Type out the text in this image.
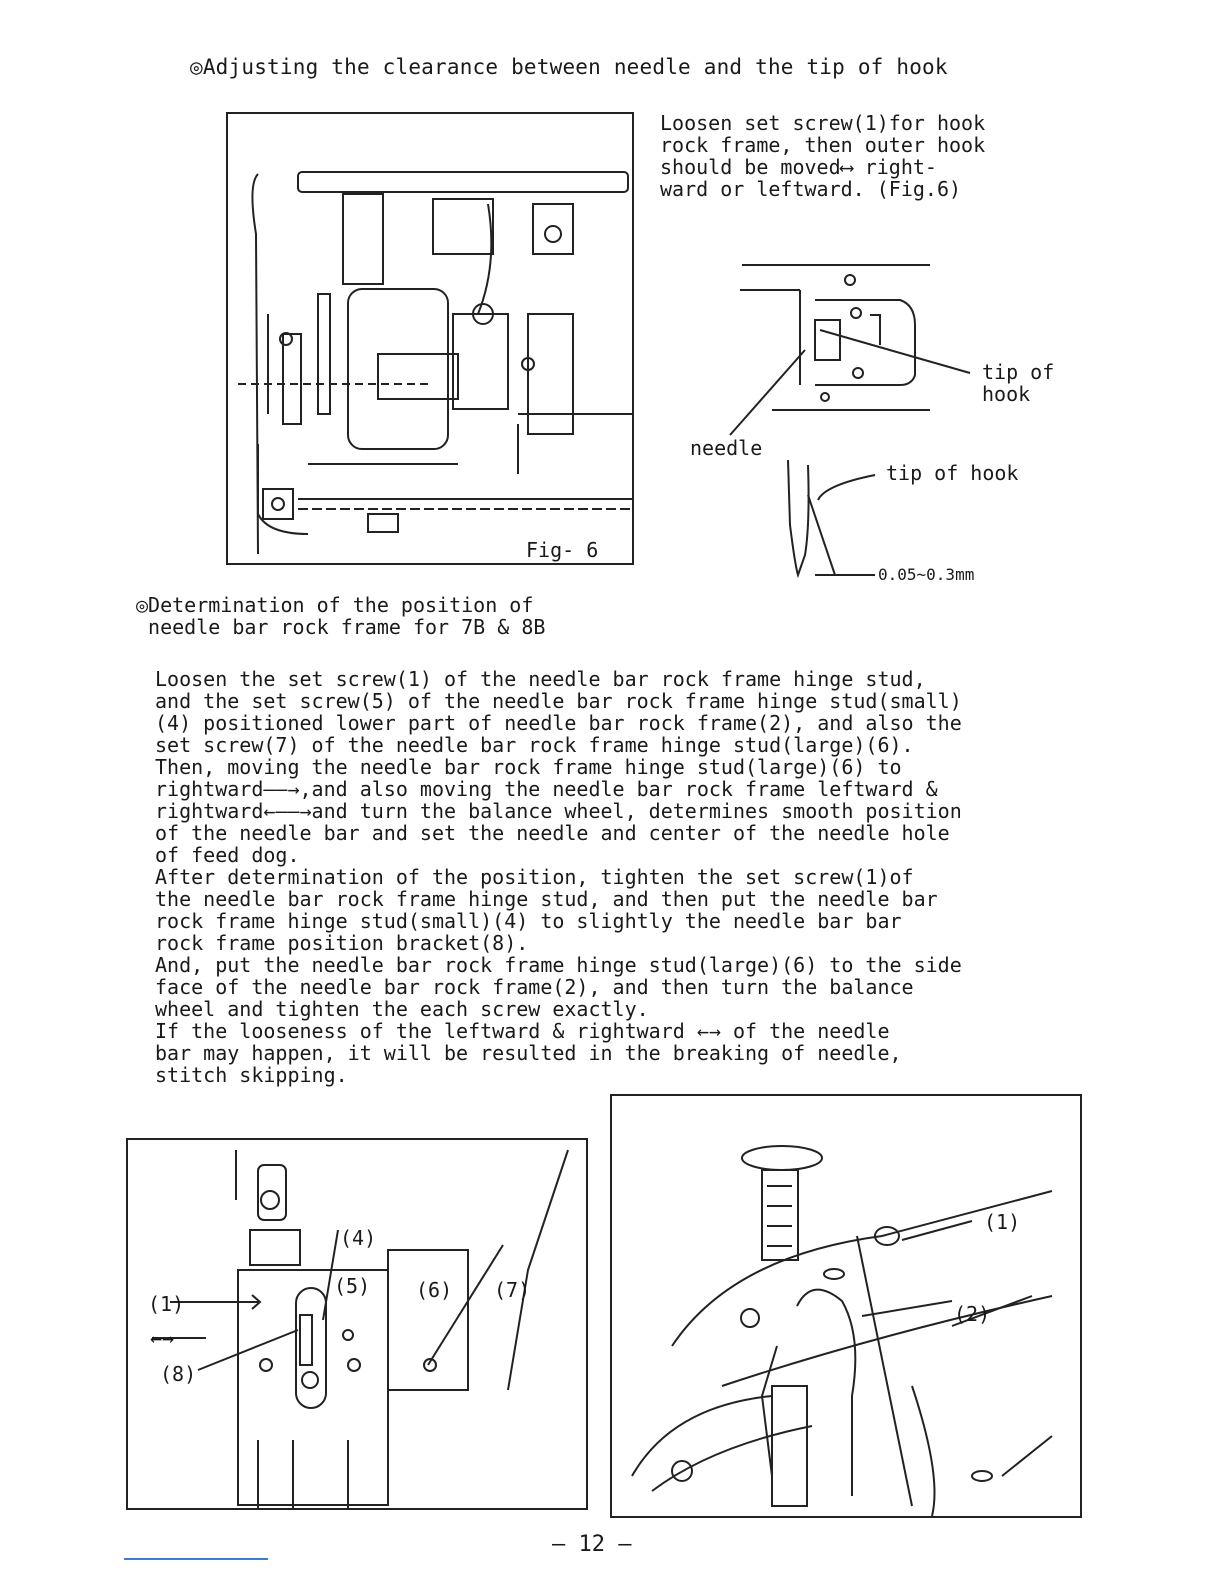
◎Adjusting the clearance between needle and the tip of hook
Fig- 6
Loosen set screw(1)for hook
rock frame, then outer hook
should be moved⟷ right-
ward or leftward. (Fig.6)
tip of
hook
needle
tip of hook
0.05~0.3mm
◎Determination of the position of
needle bar rock frame for 7B & 8B
Loosen the set screw(1) of the needle bar rock frame hinge stud,
and the set screw(5) of the needle bar rock frame hinge stud(small)
(4) positioned lower part of needle bar rock frame(2), and also the
set screw(7) of the needle bar rock frame hinge stud(large)(6).
Then, moving the needle bar rock frame hinge stud(large)(6) to
rightward——→,and also moving the needle bar rock frame leftward &
rightward←——→and turn the balance wheel, determines smooth position
of the needle bar and set the needle and center of the needle hole
of feed dog.
After determination of the position, tighten the set screw(1)of
the needle bar rock frame hinge stud, and then put the needle bar
rock frame hinge stud(small)(4) to slightly the needle bar bar
rock frame position bracket(8).
And, put the needle bar rock frame hinge stud(large)(6) to the side
face of the needle bar rock frame(2), and then turn the balance
wheel and tighten the each screw exactly.
If the looseness of the leftward & rightward ←→ of the needle
bar may happen, it will be resulted in the breaking of needle,
stitch skipping.
(1)
(4)
(5) (6) (7)
(8)
←→
(1)
(2)
— 12 —
